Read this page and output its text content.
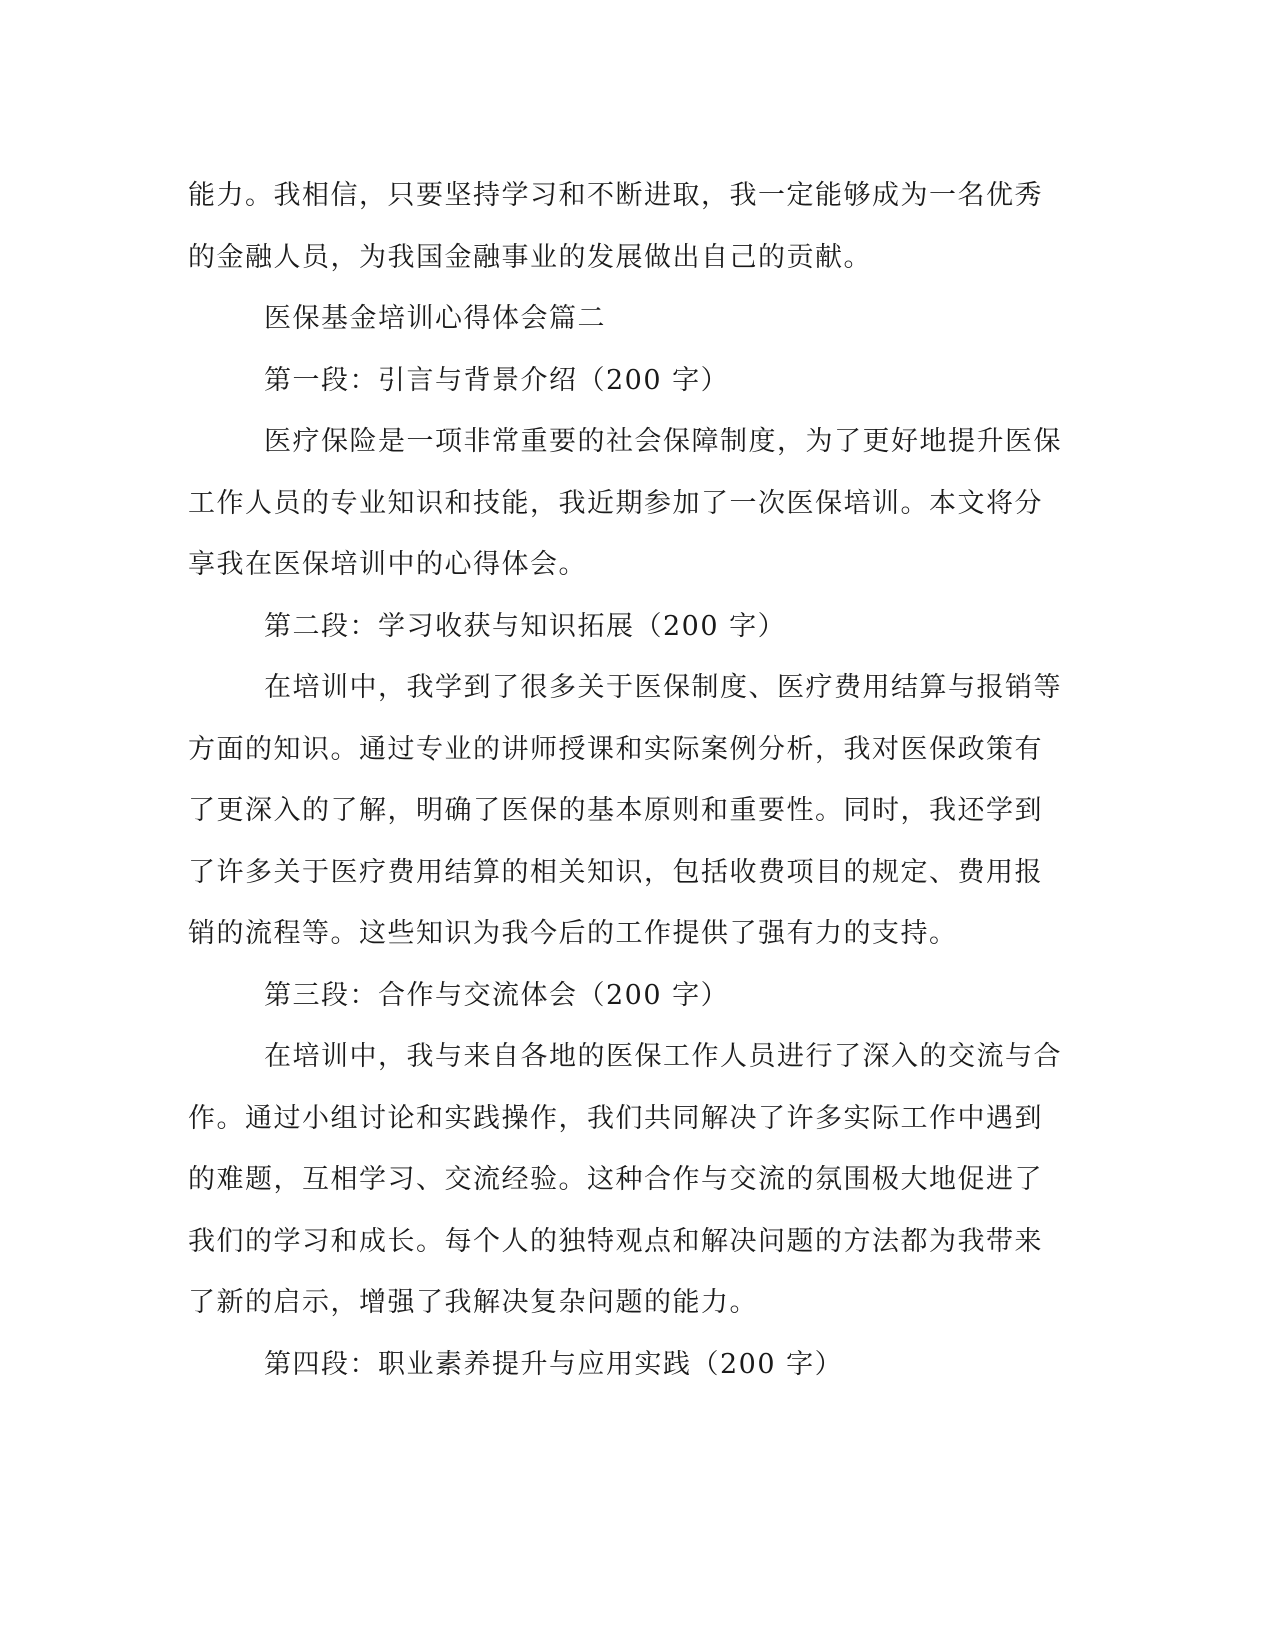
能力。我相信，只要坚持学习和不断进取，我一定能够成为一名优秀
的金融人员，为我国金融事业的发展做出自己的贡献。

医保基金培训心得体会篇二

第一段：引言与背景介绍（200 字）

医疗保险是一项非常重要的社会保障制度，为了更好地提升医保
工作人员的专业知识和技能，我近期参加了一次医保培训。本文将分
享我在医保培训中的心得体会。

第二段：学习收获与知识拓展（200 字）

在培训中，我学到了很多关于医保制度、医疗费用结算与报销等
方面的知识。通过专业的讲师授课和实际案例分析，我对医保政策有
了更深入的了解，明确了医保的基本原则和重要性。同时，我还学到
了许多关于医疗费用结算的相关知识，包括收费项目的规定、费用报
销的流程等。这些知识为我今后的工作提供了强有力的支持。

第三段：合作与交流体会（200 字）

在培训中，我与来自各地的医保工作人员进行了深入的交流与合
作。通过小组讨论和实践操作，我们共同解决了许多实际工作中遇到
的难题，互相学习、交流经验。这种合作与交流的氛围极大地促进了
我们的学习和成长。每个人的独特观点和解决问题的方法都为我带来
了新的启示，增强了我解决复杂问题的能力。

第四段：职业素养提升与应用实践（200 字）
